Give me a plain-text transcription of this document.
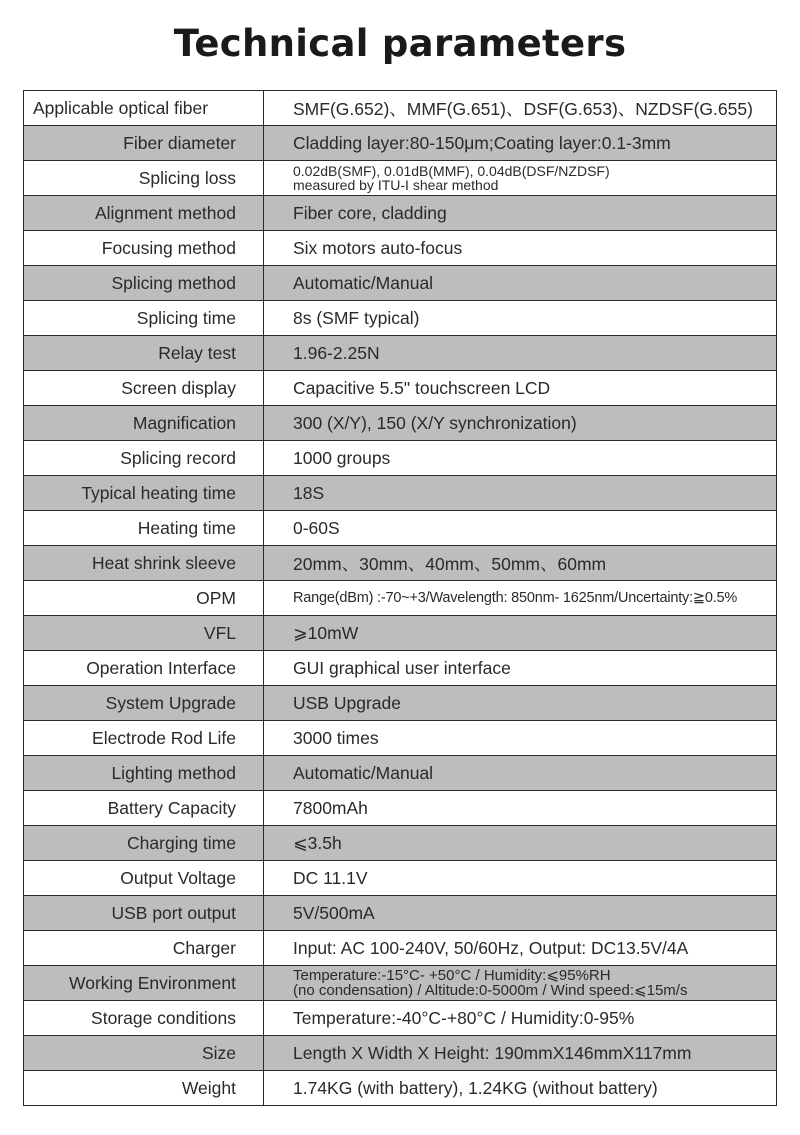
Technical parameters
Applicable optical fiber	SMF(G.652)、MMF(G.651)、DSF(G.653)、NZDSF(G.655)
Fiber diameter	Cladding layer:80-150μm;Coating layer:0.1-3mm
Splicing loss	0.02dB(SMF), 0.01dB(MMF), 0.04dB(DSF/NZDSF)
measured by ITU-I shear method

Alignment method	Fiber core, cladding
Focusing method	Six motors auto-focus
Splicing method	Automatic/Manual
Splicing time	8s (SMF typical)
Relay test	1.96-2.25N
Screen display	Capacitive 5.5" touchscreen LCD
Magnification	300 (X/Y), 150 (X/Y synchronization)
Splicing record	1000 groups
Typical heating time	18S
Heating time	0-60S
Heat shrink sleeve	20mm、30mm、40mm、50mm、60mm
OPM	Range(dBm) :-70~+3/Wavelength: 850nm- 1625nm/Uncertainty:≧0.5%
VFL	⩾10mW
Operation Interface	GUI graphical user interface
System Upgrade	USB Upgrade
Electrode Rod Life	3000 times
Lighting method	Automatic/Manual
Battery Capacity	7800mAh
Charging time	⩽3.5h
Output Voltage	DC 11.1V
USB port output	5V/500mA
Charger	Input: AC 100-240V, 50/60Hz, Output: DC13.5V/4A
Working Environment	Temperature:-15°C- +50°C / Humidity:⩽95%RH
(no condensation) / Altitude:0-5000m / Wind speed:⩽15m/s

Storage conditions	Temperature:-40°C-+80°C / Humidity:0-95%
Size	Length X Width X Height: 190mmX146mmX117mm
Weight	1.74KG (with battery), 1.24KG (without battery)
